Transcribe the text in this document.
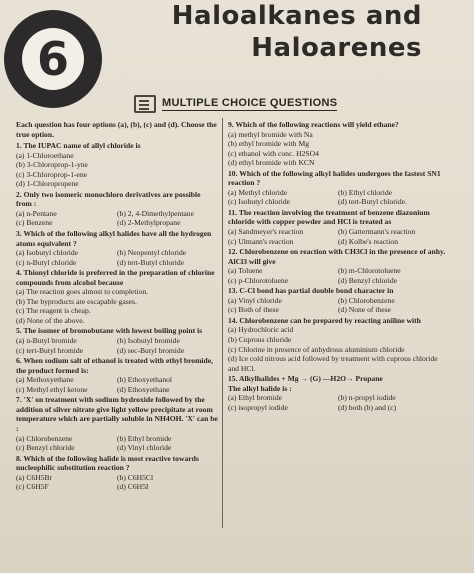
6
Haloalkanes and
Haloarenes
MULTIPLE CHOICE QUESTIONS
Each question has four options (a), (b), (c) and (d). Choose the true option.
1. The IUPAC name of allyl chloride is
(a) 1-Chloroethane
(b) 3-Chloroprop-1-yne
(c) 3-Chloroprop-1-ene
(d) 1-Chloropropene
2. Only two isomeric monochloro derivatives are possible from :
(a) n-Pentane	(b) 2, 4-Dimethylpentane
(c) Benzene	(d) 2-Methylpropane
3. Which of the following alkyl halides have all the hydrogen atoms equivalent ?
(a) Isobutyl chloride	(b) Neopentyl chloride
(c) n-Butyl chloride	(d) tert-Butyl chloride
4. Thionyl chloride is preferred in the preparation of chlorine compounds from alcohol because
(a) The reaction goes almost to completion.
(b) The byproducts are escapable gases.
(c) The reagent is cheap.
(d) None of the above.
5. The isomer of bromobutane with lowest boiling point is
(a) n-Butyl bromide	(b) Isobutyl bromide
(c) tert-Butyl bromide	(d) sec-Butyl bromide
6. When sodium salt of ethanol is treated with ethyl bromide, the product formed is:
(a) Methoxyethane	(b) Ethoxyethanol
(c) Methyl ethyl ketone	(d) Ethoxyethane
7. 'X' on treatment with sodium hydroxide followed by the addition of silver nitrate give light yellow precipitate at room temperature which are partially soluble in NH4OH. 'X' can be :
(a) Chlorobenzene	(b) Ethyl bromide
(c) Benzyl chloride	(d) Vinyl chloride
8. Which of the following halide is most reactive towards nucleophilic substitution reaction ?
(a) C6H5Br	(b) C6H5Cl
(c) C6H5F	(d) C6H5I
9. Which of the following reactions will yield ethane?
(a) methyl bromide with Na
(b) ethyl bromide with Mg
(c) ethanol with conc. H2SO4
(d) ethyl bromide with KCN
10. Which of the following alkyl halides undergoes the fastest SN1 reaction ?
(a) Methyl chloride	(b) Ethyl chloride
(c) Isobutyl chloride	(d) tert-Butyl chloride.
11. The reaction involving the treatment of benzene diazonium chloride with copper powder and HCl is treated as
(a) Sandmeyer's reaction	(b) Gattermann's reaction
(c) Ulmann's reaction	(d) Kolbe's reaction
12. Chlorobenzene on reaction with CH3Cl in the presence of anhy. AlCl3 will give
(a) Toluene	(b) m-Chlorotoluene
(c) p-Chlorotoluene	(d) Benzyl chloride
13. C-Cl bond has partial double bond character in
(a) Vinyl chloride	(b) Chlorobenzene
(c) Both of these	(d) None of these
14. Chlorobenzene can be prepared by reacting aniline with
(a) Hydrochloric acid
(b) Cuprous chloride
(c) Chlorine in presence of anhydrous aluminium chloride
(d) Ice cold nitrous acid followed by treatment with cuprous chloride and HCl.
15. Alkylhalides + Mg → (G) —H2O→ Propane
The alkyl halide is :
(a) Ethyl bromide	(b) n-propyl iodide
(c) isopropyl iodide	(d) both (b) and (c)
